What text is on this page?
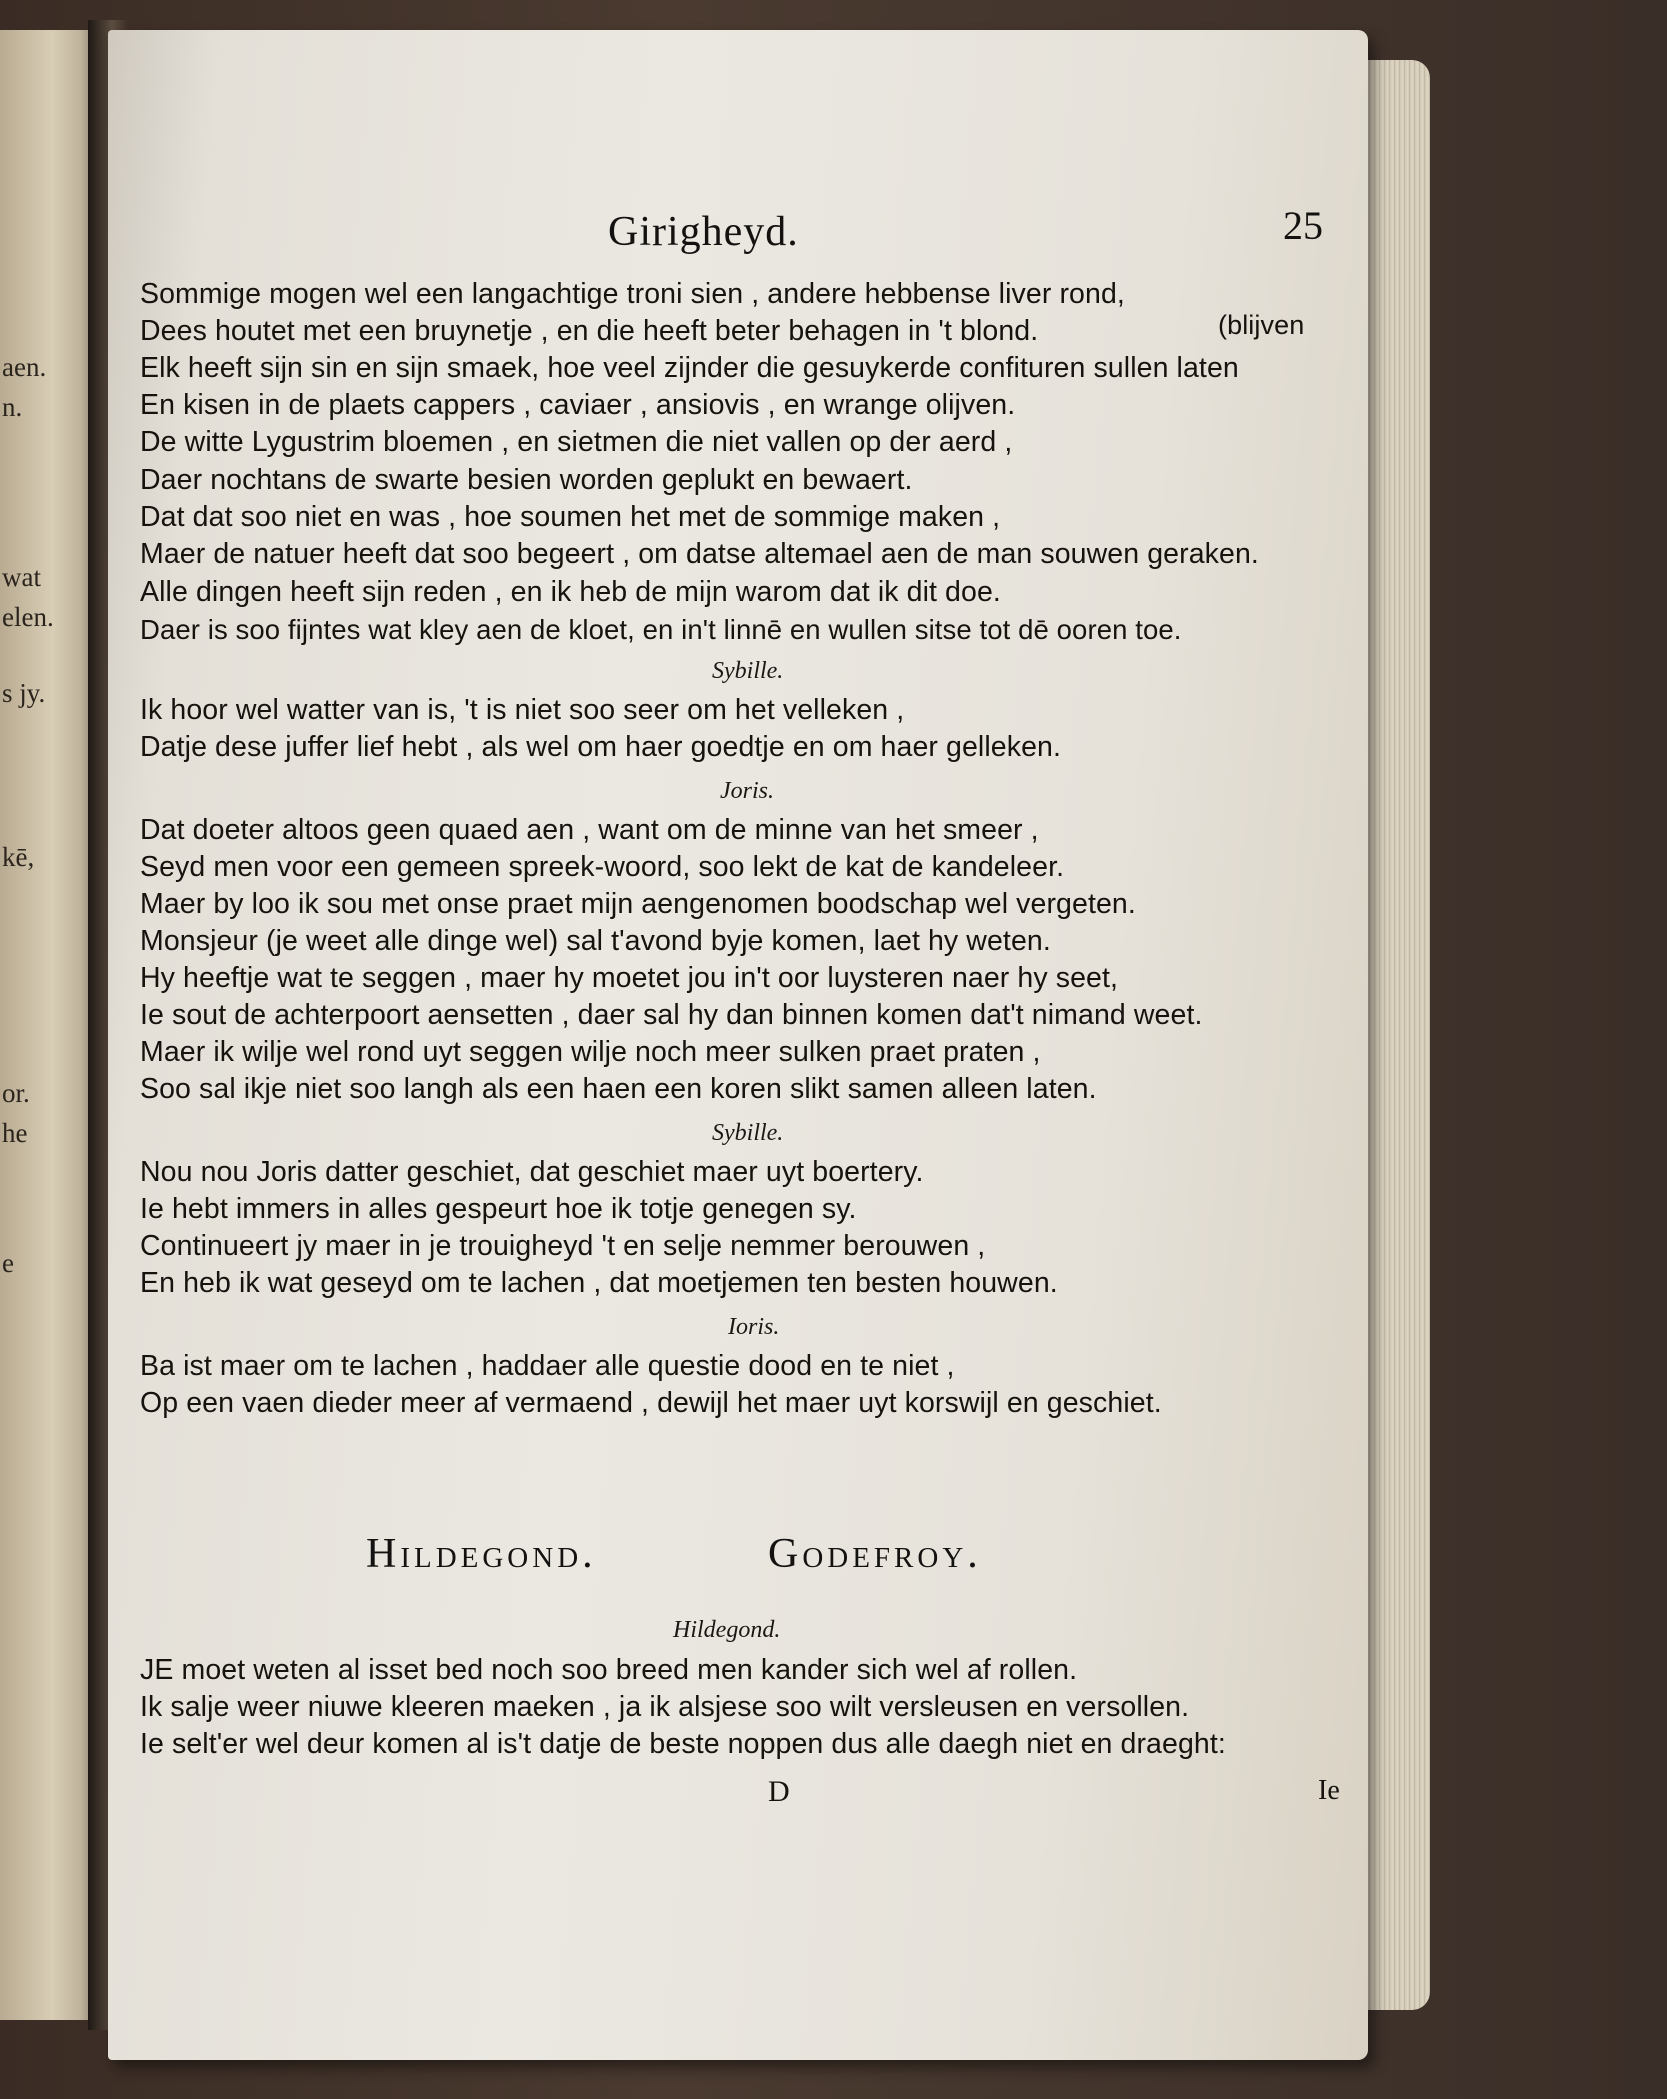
aen.
n.
wat
elen.
s jy.
kē,
or.
he
e
Girigheyd.	25
Sommige mogen wel een langachtige troni sien , andere hebbense liver rond,
Dees houtet met een bruynetje , en die heeft beter behagen in 't blond.	(blijven
Elk heeft sijn sin en sijn smaek, hoe veel zijnder die gesuykerde confituren sullen laten
En kisen in de plaets cappers , caviaer , ansiovis , en wrange olijven.
De witte Lygustrim bloemen , en sietmen die niet vallen op der aerd ,
Daer nochtans de swarte besien worden geplukt en bewaert.
Dat dat soo niet en was , hoe soumen het met de sommige maken ,
Maer de natuer heeft dat soo begeert , om datse altemael aen de man souwen geraken.
Alle dingen heeft sijn reden , en ik heb de mijn warom dat ik dit doe.
Daer is soo fijntes wat kley aen de kloet, en in't linnē en wullen sitse tot dē ooren toe.
Sybille.
Ik hoor wel watter van is, 't is niet soo seer om het velleken ,
Datje dese juffer lief hebt , als wel om haer goedtje en om haer gelleken.
Joris.
Dat doeter altoos geen quaed aen , want om de minne van het smeer ,
Seyd men voor een gemeen spreek-woord, soo lekt de kat de kandeleer.
Maer by loo ik sou met onse praet mijn aengenomen boodschap wel vergeten.
Monsjeur (je weet alle dinge wel) sal t'avond byje komen, laet hy weten.
Hy heeftje wat te seggen , maer hy moetet jou in't oor luysteren naer hy seet,
Ie sout de achterpoort aensetten , daer sal hy dan binnen komen dat't nimand weet.
Maer ik wilje wel rond uyt seggen wilje noch meer sulken praet praten ,
Soo sal ikje niet soo langh als een haen een koren slikt samen alleen laten.
Sybille.
Nou nou Joris datter geschiet, dat geschiet maer uyt boertery.
Ie hebt immers in alles gespeurt hoe ik totje genegen sy.
Continueert jy maer in je trouigheyd 't en selje nemmer berouwen ,
En heb ik wat geseyd om te lachen , dat moetjemen ten besten houwen.
Ioris.
Ba ist maer om te lachen , haddaer alle questie dood en te niet ,
Op een vaen dieder meer af vermaend , dewijl het maer uyt korswijl en geschiet.
Hildegond.	Godefroy.
Hildegond.
JE moet weten al isset bed noch soo breed men kander sich wel af rollen.
Ik salje weer niuwe kleeren maeken , ja ik alsjese soo wilt versleusen en versollen.
Ie selt'er wel deur komen al is't datje de beste noppen dus alle daegh niet en draeght:
D	Ie
